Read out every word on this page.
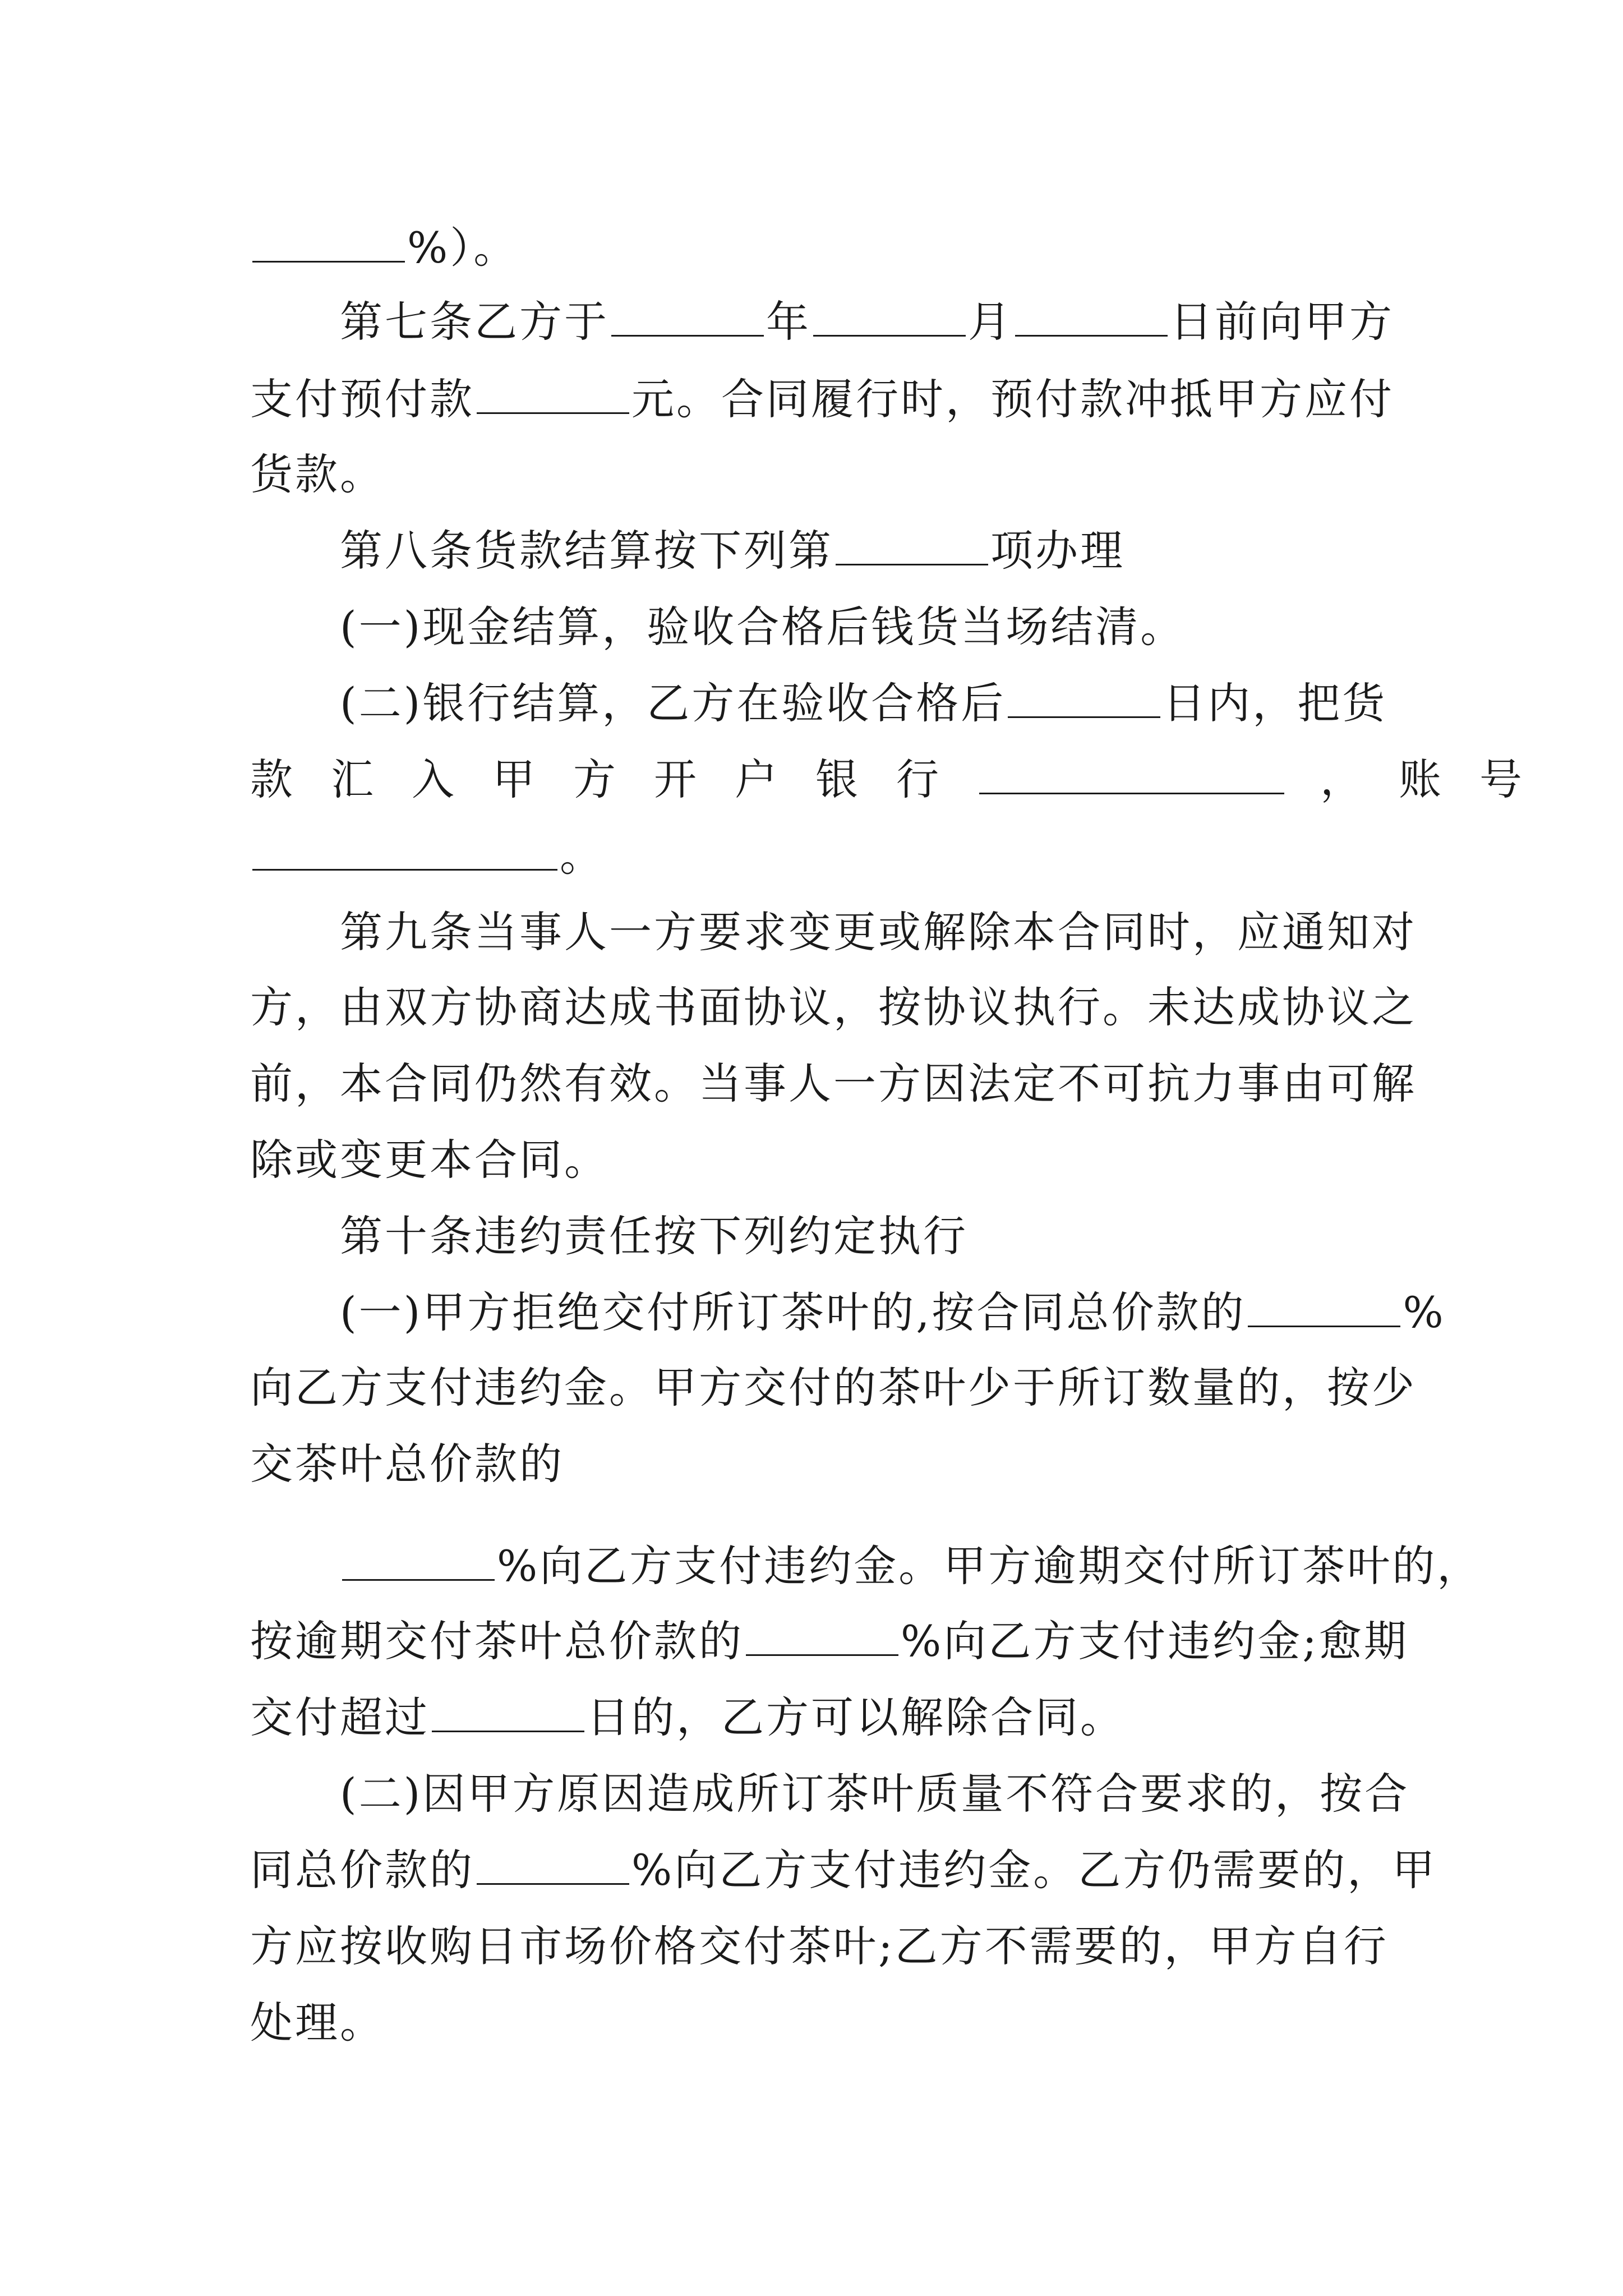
%）。
第七条乙方于	年	月	日前向甲方
支付预付款	元。合同履行时，预付款冲抵甲方应付
货款。
第八条货款结算按下列第	项办理
(一)现金结算，验收合格后钱货当场结清。
(二)银行结算，乙方在验收合格后	日内，把货
款汇入甲方开户银行	， 账号
。
第九条当事人一方要求变更或解除本合同时，应通知对
方，由双方协商达成书面协议，按协议执行。未达成协议之
前，本合同仍然有效。当事人一方因法定不可抗力事由可解
除或变更本合同。
第十条违约责任按下列约定执行
(一)甲方拒绝交付所订茶叶的,按合同总价款的	%
向乙方支付违约金。甲方交付的茶叶少于所订数量的，按少
交茶叶总价款的
%向乙方支付违约金。甲方逾期交付所订茶叶的，
按逾期交付茶叶总价款的	%向乙方支付违约金;愈期
交付超过	日的，乙方可以解除合同。
(二)因甲方原因造成所订茶叶质量不符合要求的，按合
同总价款的	%向乙方支付违约金。乙方仍需要的，甲
方应按收购日市场价格交付茶叶;乙方不需要的，甲方自行
处理。
